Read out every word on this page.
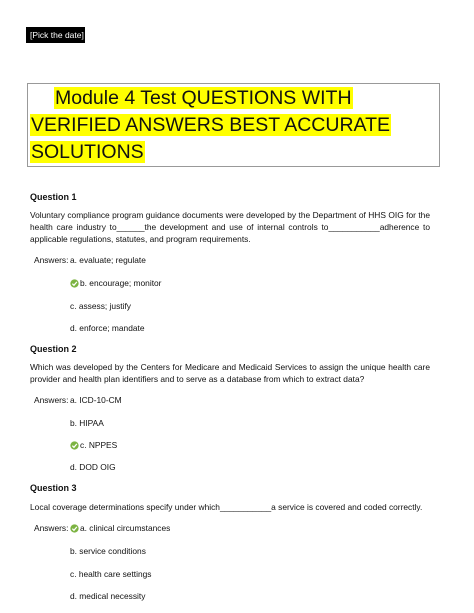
[Pick the date]
Module 4 Test QUESTIONS WITH
VERIFIED ANSWERS BEST ACCURATE
SOLUTIONS
Question 1
Voluntary compliance program guidance documents were developed by the Department of HHS OIG for the health care industry to______the development and use of internal controls to___________adherence to applicable regulations, statutes, and program requirements.
Answers: a. evaluate; regulate
b. encourage; monitor
c. assess; justify
d. enforce; mandate
Question 2
Which was developed by the Centers for Medicare and Medicaid Services to assign the unique health care provider and health plan identifiers and to serve as a database from which to extract data?
Answers: a. ICD-10-CM
b. HIPAA
c. NPPES
d. DOD OIG
Question 3
Local coverage determinations specify under which___________a service is covered and coded correctly.
Answers: a. clinical circumstances
b. service conditions
c. health care settings
d. medical necessity
